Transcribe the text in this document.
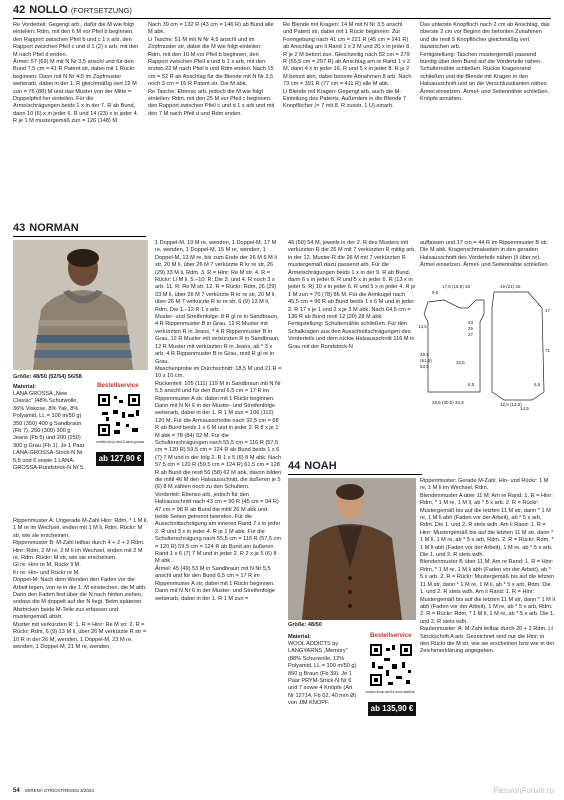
42 NOLLO (FORTSETZUNG)
Re Vorderteil: Gegengl arb., dafür die M wie folgt einteilen: Rdm, mit den 6 M vor Pfeil b beginnen, den Rapport zwischen Pfeil b und c 1 x arb, den Rapport zwischen Pfeil c und d 1 (2) x arb, mit den M nach Pfeil d enden.
Ärmel: 57 (69) M mit N Nr 3,5 anschl und für den Bund 7,5 cm = 41 R Patent str, dabei mit 1 Rückr beginnen. Dann mit N Nr 4,5 im Zopfmuster weiterarb, dabei in der 1. R gleichmäßig vert 19 M zun = 76 (88) M und das Muster von der Mitte = Doppelpfeil her einteilen. Für die Armelschrägungen beids 1 x in der 7. R ab Bund, dann 10 (6) x in jeder 6. R und 14 (23) x in jeder 4. R je 1 M mustergemäß zun = 126 (148) M.
Nach 39 cm = 132 R (43 cm = 146 R) ab Bund alle M abk.
Li Tasche: 51 M mit N Nr 4,5 anschl und im Zopfmuster str, dabei die M wie folgt einteilen: Rdm, mit den 10 M vor Pfeil b beginnen, den Rapport zwischen Pfeil a und b 1 x arb, mit den ersten 22 M nach Pfeil b und Rdm enden. Nach 15 cm = 52 R ab Anschlag für die Blende mit N Nr 3,5 noch 3 cm = 16 R Patent str. Die M abk.
Re Tasche: Ebenso arb, jedoch die M wie folgt einteilen: Rdm, mit den 25 M vor Pfeil c beginnen, den Rapport zwischen Pfeil c und d 1 x arb und mit den 7 M nach Pfeil d und Rdm enden.
Re Blende mit Kragen: 14 M mit N Nr 3,5 anschl und Patent str, dabei mit 1 Rückr beginnen. Zur Formgebung nach 41 cm = 221 R (45 cm = 241 R) ab Anschlag am li Rand 1 x 2 M und 20 x in jeder 8. R je 2 M betont zun. Gleichzeitig nach 52 cm = 279 R (55,5 cm = 297 R) ab Anschlag am re Rand 1 x 2 M, dann 4 x in jeder 16. R und 5 x in jeder 8. R je 2 M betont abn, dabei betonte Abnahmen 8 arb. Nach 73 cm = 391 R (77 cm = 411 R) alle M abk.
Li Blende mit Kragen: Gegengl arb, auch die M-Einteilung des Patents. Außerdem in die Blende 7 Knopflöcher (= 7 mit 8. R zusstr, 1 U) einarb.
Das unterste Knopfloch nach 2 cm ab Anschlag, das oberste 2 cm vor Beginn der betonten Zunahmen und die restl 5 Knopflöcher gleichmäßig vert dazwischen arb.
Fertigstellung: Taschen mustergemäß passend bündig über dem Bund auf die Vorderteile nähen. Schulternähte schließen. Rückw Kragenrand schließen und die Blende mit Kragen in den Halsausschnitt und an die Verschlusskanten nähen. Ärmel einsetzen. Ärmel- und Seitennähte schließen. Knöpfe annähen.
43 NORMAN
Größe: 48/50 (52/54) 56/58
Material:	Bestellservice
LANA GROSSA „New Classic“ (48% Schurwolle, 36% Viskose, 8% Yak, 8% Polyamid, LL = 100 m/50 g) 350 (350) 400 g Sandbraun (Fb 7), 250 (300) 300 g Jeans (Fb 5) und 200 (250) 300 g Grau (Fb 1). Je 1 Paar LANA-GROSSA-Strick-N Nr 5,5 und 6 sowie 1 LANA-GROSSA-Rundstrick-N Nr 5.
creativ-shop.de/43-lana-grossa
ab 127,90 €
Rippenmuster A: Ungerade M-Zahl Hinr: Rdm, * 1 M li, 1 M re im Wechsel, enden mit 1 M li, Rdm. Rückr: M str, wie sie erscheinen.
Rippenmuster B: M-Zahl teilbar durch 4 + 2 + 2 Rdm. Hinr: Rdm, 2 M re, 2 M li im Wechsel, enden mit 2 M re, Rdm. Rückr: M str, wie sie erscheinen.
Gl re: Hinr re M, Rückr li M.
Kr re: Hin- und Rückr re M.
Doppel-M: Nach dem Wenden den Faden vor die Arbeit legen, von re in die 1. M einstechen, die M abh. Dann den Faden fest über die N nach hinten ziehen, sodass die M doppelt auf der N liegt. Beim späteren Abstricken beide M-Teile zus erfassen und mustergemäß abstr.
Muster mit verkürzten R: 1. R = Hinr: Re M str. 2. R = Rückr: Rdm, 6 (9) 13 M li, über 26 M verkürzte R str = 10 R in der 26 M, wenden, 1 Doppel-M, 23 M re, wenden, 1 Doppel-M, 21 M re, wenden,
1 Doppel-M, 19 M re, wenden, 1 Doppel-M, 17 M re, wenden, 1 Doppel-M, 15 M re, wenden, 1 Doppel-M, 13 M re, bis zum Ende der 26 M 6 M li str, 20 M li, über 26 M 7 verkürzte R kr re str, 26 (29) 33 M li, Rdm. 3. R = Hinr: Re M str. 4. R = Rückr: Li M li. 5.–10. R: Die 3. und 4. R noch 3 x arb. 11. R: Re M str. 12. R = Rückr: Rdm, 26 (29) 33 M li, über 26 M 7 verkürzte R kr re str, 20 M li, über 26 M 7 verkürzte R kr re str, 6 (9) 13 M li, Rdm. Die 1.–12 R 1 x arb.
Muster- und Streifenfolge: 8 R gl re in Sandbraun, 4 R Rippenmuster B in Grau, 12 R Muster mit verkürzten R in Jeans, * 4 R Rippenmuster B in Grau, 12 R Muster mit verkürzten R in Sandbraun, 12 R Muster mit verkürzten R in Jeans, ab * 3 x arb, 4 R Rippenmuster B in Grau, restl R gl re in Grau.
Maschenprobe im Durchschnitt: 18,5 M und 21 R = 10 x 10 cm.
Rückenteil: 105 (111) 119 M in Sandbraun mit N Nr 5,5 anschl und für den Bund 6,5 cm = 17 R im Rippenmuster A str. dabei mit 1 Rückr beginnen. Dann mit N Nr 6 in der Muster- und Streifenfolge weiterarb, dabei in der 1. R 1 M zun = 106 (112) 120 M. Für die Armausschnitte nach 32,5 cm = 68 R ab Bund beids 1 x 6 M und in jeder 2. R 8 x je 1 M abk = 78 (84) 92 M. Für die Schulterschrägungen nach 55,5 cm = 116 R (57,5 cm = 120 R) 59,5 cm = 124 R ab Bund beids 1 x 6 (7) 7 M und in der folg 2. R 1 x 5 (6) 8 M abk. Nach 57,5 cm = 120 R (59,5 cm = 124 R) 61,5 cm = 128 R ab Bund die restl 56 (58) 62 M abk, davon bilden die mittl 46 M den Halsausschnitt, die äußeren je 5 (6) 8 M zählen noch zu den Schultern.
Vorderteil: Ebenso arb, jedoch für den Halsausschnitt nach 43 cm = 90 R (45 cm = 94 R) 47 cm = 98 R ab Bund die mittl 26 M abk und beide Seiten getrennt beenden. Für die Ausschnittschrägung am inneren Rand 7 x in jeder 2. R und 3 x in jeder 4. R je 1 M abk. Für die Schulterschrägung nach 55,5 cm = 116 R (57,5 cm = 120 R) 59,5 cm = 124 R ab Bund am äußeren Rand 1 x 6 (7) 7 M und in jeder 2. R 2 x je 5 (6) 8 M abk.
Ärmel: 45 (49) 53 M in Sandbraun mit N Nr 5,5 anschl und für den Bund 6,5 cm = 17 R im Rippenmuster A str, dabei mit 1 Rückr beginnen. Dann mit N Nr 6 in der Muster- und Streifenfolge weiterarb, dabei in der 1. R 1 M zun =
46 (50) 54 M, jeweils in der 2. R des Musters mit verkürzten R die 26 M mit 7 verkürzten R mittig arb, in der 12. Muster-R die 26 M mit 7 verkürzten R mustergemäß dazu passend arb. Für die Ärmelschrägungen beids 1 x in der 9. R ab Bund, dann 6 x in jeder 8. R und 5 x in jeder 6. R (13 x in jeder 6. R) 10 x in jeder 6. R und 5 x in jeder 4. R je 1 M zun = 70 (78) 86 M. Für die Armkugel nach 45,5 cm = 96 R ab Bund beids 1 x 6 M und in jeder 2. R 17 x je 1 und 2 x je 3 M abk. Nach 64,5 cm = 136 R ab Bund restl 12 (20) 28 M abk.
Fertigstellung: Schulternähte schließen. Für den Schalkragen aus den Ausschnittschrägungen des Vorderteils und dem rückw Halsausschnitt 116 M in Grau mit der Rundstrick-N
auffassen und 17 cm = 44 R im Rippenmuster B str. Die M abk. Kragenschmalseiten in den geraden Halsausschnitt des Vorderteils nähen (li über re). Ärmel einsetzen. Ärmel- und Seitennähte schließen.
9,5
17,5 (16,5) 18
14,5
32,5
23
25
27
49,5
(51,5)
53,5
28,5 (30,5) 32,5
6,5
19 (21) 25
71
17
12,5 (13,5)
6,5
14,5
44 NOAH
Größe: 48/50
Material:	Bestellservice
WOOL ADDICTS by LANGYARNS „Memory“ (88% Schurwolle, 12% Polyamid, LL = 100 m/50 g) 850 g Braun (Fb 39). Je 1 Paar PRYM-Strick-N Nr 6 und 7 sowie 4 Knöpfe (Art Nr 12714, Fb 02, 40 mm Ø) von JIM KNOPF.
creativ-shop.de/44-wool-addicts
ab 135,90 €
Rippenmuster: Gerade M-Zahl. Hin- und Rückr: 1 M re, 1 M li im Wechsel, Rdm.
Blendenmuster A über 11 M: Am re Rand: 1. R = Hinr: Rdm, * 1 M re, 1 M li, ab * 5 x arb. 2. R = Rückr: Mustergemäß bis auf die letzten 11 M str, dann * 1 M re, 1 M li abh (Faden vor der Arbeit), ab * 5 x arb, Rdm. Die 1. und 2. R stets wdh. Am li Rand: 1. R = Hinr: Mustergemäß bis auf die letzten 11 M str, dann * 1 M li, 1 M re, ab * 5 x arb, Rdm. 2. R = Rückr: Rdm, * 1 M li abh (Faden vor der Arbeit), 1 M re, ab * 5 x arb. Die 1. und 2. R stets wdh.
Blendenmuster B über 11 M: Am re Rand: 1. R = Hinr: Rdm, * 1 M re, 1 M li abh (Faden vor der Arbeit), ab * 5 x arb. 2. R = Rückr: Mustergemäß bis auf die letzten 11 M str, dann * 1 M re, 1 M li, ab * 5 x arb, Rdm. Die 1. und 2. R stets wdh. Am li Rand: 1. R = Hinr: Mustergemäß bis auf die letzten 11 M str, dann * 1 M li abh (Faden vor der Arbeit), 1 M re, ab * 5 x arb, Rdm. 2. R = Rückr: Rdm, * 1 M li, 1 M re, ab * 5 x arb. Die 1. und 2. R stets wdh.
Rautenmuster: A: M-Zahl teilbar durch 20 + 2 Rdm. Lt Strickschrift A arb. Gezeichnet sind nur die Hinr; in den Rückr die M str, wie sie erscheinen bzw wie in der Zeichenerklärung angegeben.
54 VERENA STRICKTRENDS 3/2024	PassionForum.ru
